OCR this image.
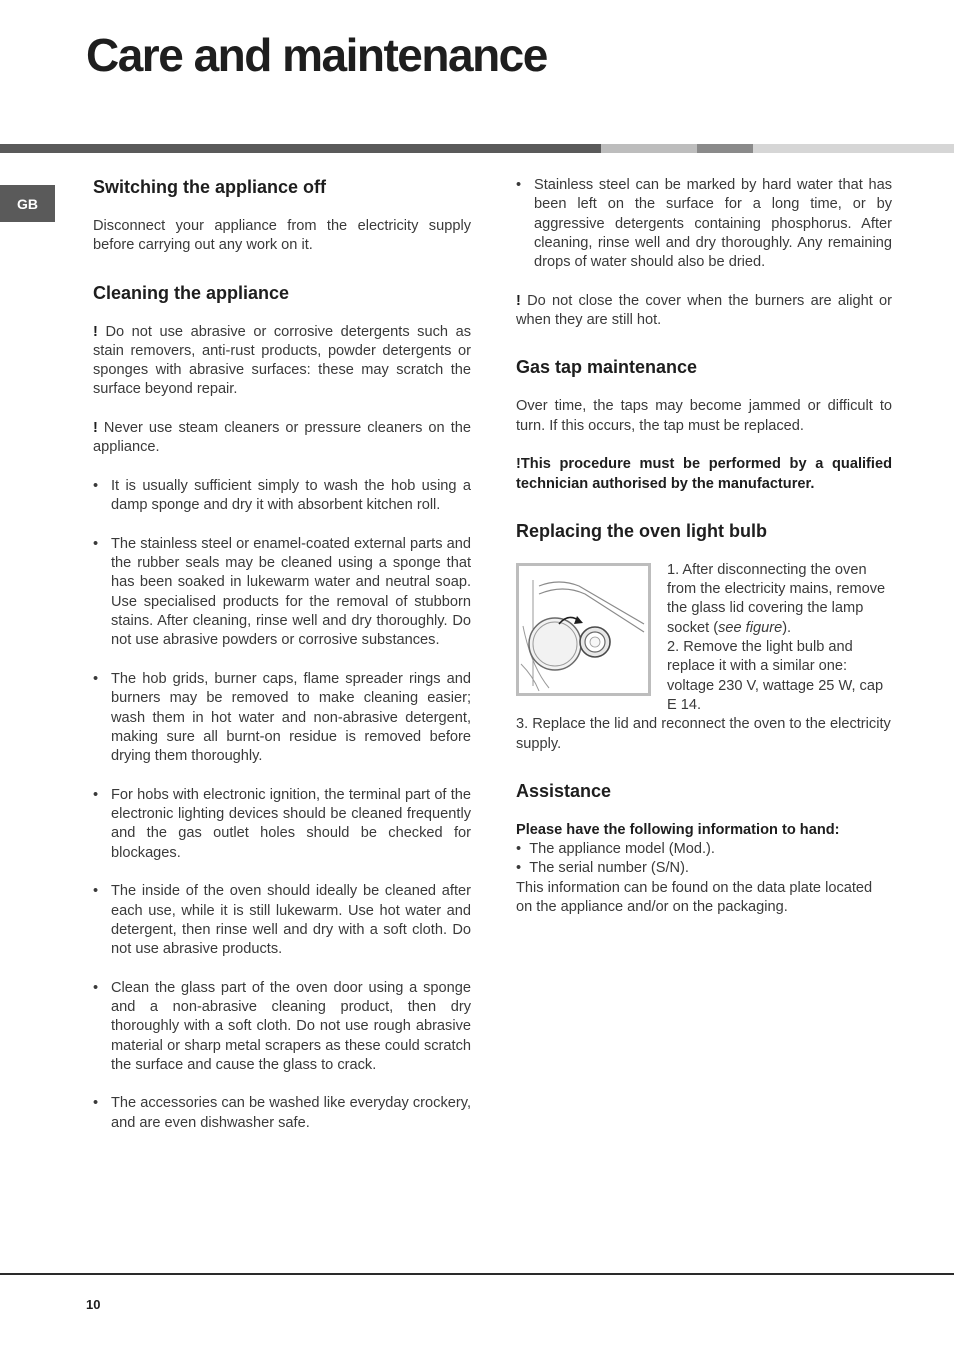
Care and maintenance
GB
Switching the appliance off

Disconnect your appliance from the electricity supply before carrying out any work on it.

Cleaning the appliance

! Do not use abrasive or corrosive detergents such as stain removers, anti-rust products, powder detergents or sponges with abrasive surfaces: these may scratch the surface beyond repair.

! Never use steam cleaners or pressure cleaners on the appliance.

• It is usually sufficient simply to wash the hob using a damp sponge and dry it with absorbent kitchen roll.
• The stainless steel or enamel-coated external parts and the rubber seals may be cleaned using a sponge that has been soaked in lukewarm water and neutral soap. Use specialised products for the removal of stubborn stains. After cleaning, rinse well and dry thoroughly. Do not use abrasive powders or corrosive substances.
• The hob grids, burner caps, flame spreader rings and burners may be removed to make cleaning easier; wash them in hot water and non-abrasive detergent, making sure all burnt-on residue is removed before drying them thoroughly.
• For hobs with electronic ignition, the terminal part of the electronic lighting devices should be cleaned frequently and the gas outlet holes should be checked for blockages.
• The inside of the oven should ideally be cleaned after each use, while it is still lukewarm. Use hot water and detergent, then rinse well and dry with a soft cloth. Do not use abrasive products.
• Clean the glass part of the oven door using a sponge and a non-abrasive cleaning product, then dry thoroughly with a soft cloth. Do not use rough abrasive material or sharp metal scrapers as these could scratch the surface and cause the glass to crack.
• The accessories can be washed like everyday crockery, and are even dishwasher safe.
• Stainless steel can be marked by hard water that has been left on the surface for a long time, or by aggressive detergents containing phosphorus. After cleaning, rinse well and dry thoroughly. Any remaining drops of water should also be dried.

! Do not close the cover when the burners are alight or when they are still hot.

Gas tap maintenance

Over time, the taps may become jammed or difficult to turn. If this occurs, the tap must be replaced.

!This procedure must be performed by a qualified technician authorised by the manufacturer.

Replacing the oven light bulb
1. After disconnecting the oven from the electricity mains, remove the glass lid covering the lamp socket (see figure).
2. Remove the light bulb and replace it with a similar one: voltage 230 V, wattage 25 W, cap E 14.
3. Replace the lid and reconnect the oven to the electricity supply.
Assistance

Please have the following information to hand:

•  The appliance model (Mod.).
•  The serial number (S/N).

This information can be found on the data plate located on the appliance and/or on the packaging.

10
